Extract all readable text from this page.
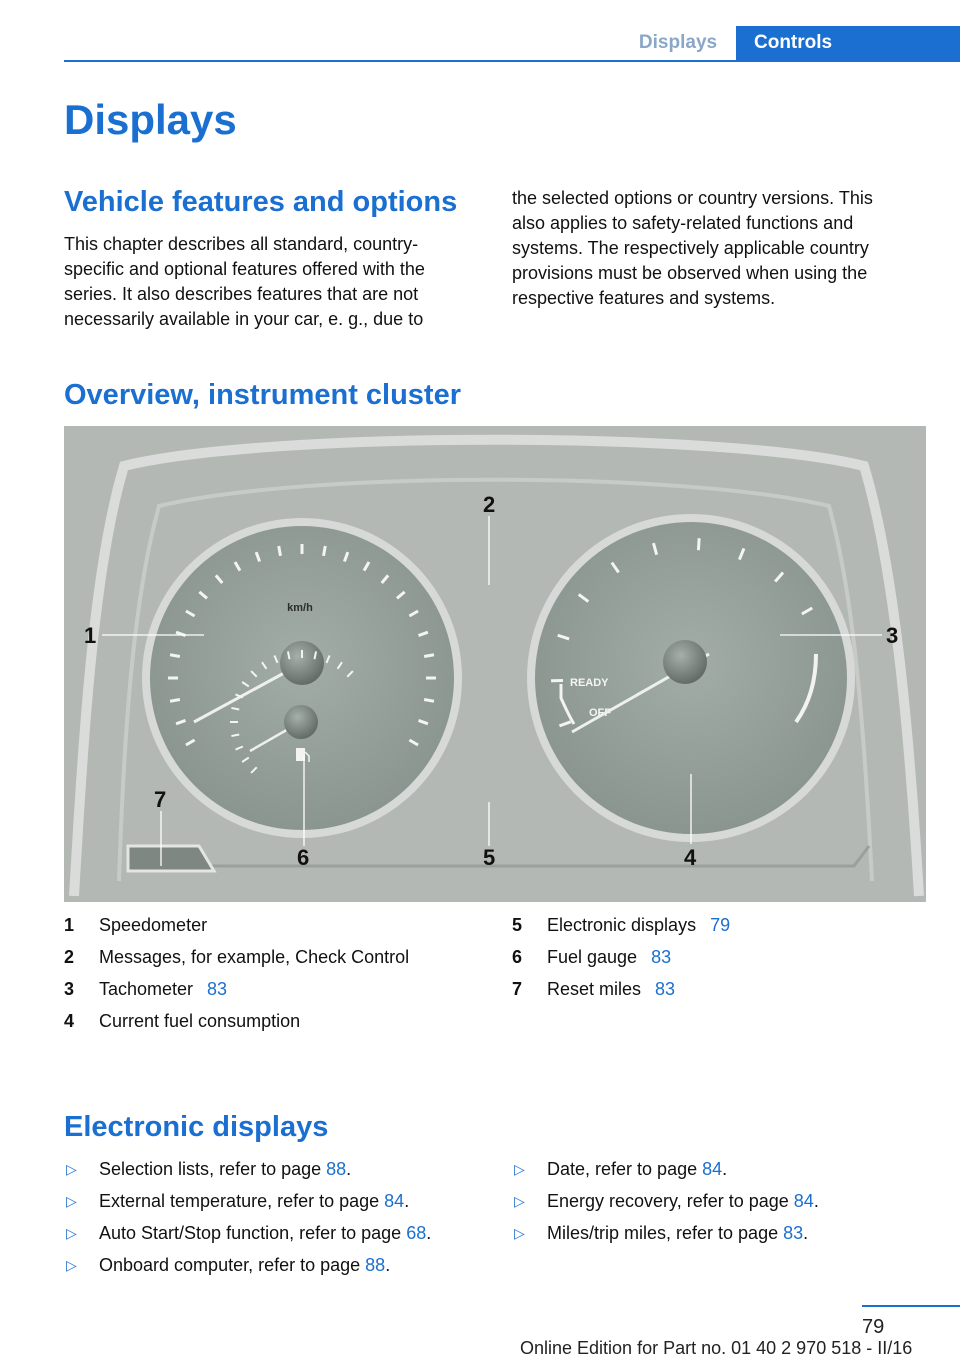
Displays	Controls
Displays
Vehicle features and options
This chapter describes all standard, country-
specific and optional features offered with the
series. It also describes features that are not
necessarily available in your car, e. g., due to
the selected options or country versions. This
also applies to safety-related functions and
systems. The respectively applicable country
provisions must be observed when using the
respective features and systems.
Overview, instrument cluster
km/h
READY
OFF
1
2
3
4
5
6
7
1 Speedometer
2 Messages, for example, Check Control
3 Tachometer 83
4 Current fuel consumption
5 Electronic displays 79
6 Fuel gauge 83
7 Reset miles 83
Electronic displays
▷ Selection lists, refer to page 88.
▷ External temperature, refer to page 84.
▷ Auto Start/Stop function, refer to page 68.
▷ Onboard computer, refer to page 88.
▷ Date, refer to page 84.
▷ Energy recovery, refer to page 84.
▷ Miles/trip miles, refer to page 83.
79
Online Edition for Part no. 01 40 2 970 518 - II/16
